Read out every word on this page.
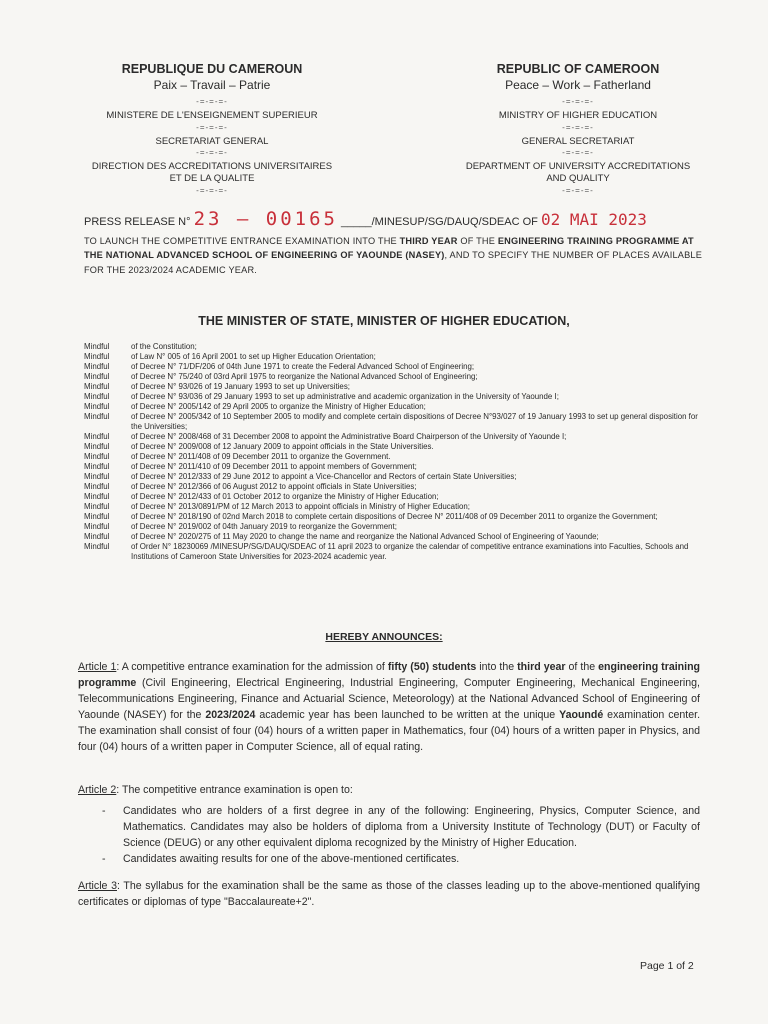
REPUBLIQUE DU CAMEROUN
Paix – Travail – Patrie
-=-=-=-
MINISTERE DE L'ENSEIGNEMENT SUPERIEUR
-=-=-=-
SECRETARIAT GENERAL
-=-=-=-
DIRECTION DES ACCREDITATIONS UNIVERSITAIRES
ET DE LA QUALITE
-=-=-=-
REPUBLIC OF CAMEROON
Peace – Work – Fatherland
-=-=-=-
MINISTRY OF HIGHER EDUCATION
-=-=-=-
GENERAL SECRETARIAT
-=-=-=-
DEPARTMENT OF UNIVERSITY ACCREDITATIONS
AND QUALITY
-=-=-=-
PRESS RELEASE N° 23 – 00165 _____/MINESUP/SG/DAUQ/SDEAC OF 02 MAI 2023
TO LAUNCH THE COMPETITIVE ENTRANCE EXAMINATION INTO THE THIRD YEAR OF THE ENGINEERING TRAINING PROGRAMME AT THE NATIONAL ADVANCED SCHOOL OF ENGINEERING OF YAOUNDE (NASEY), AND TO SPECIFY THE NUMBER OF PLACES AVAILABLE FOR THE 2023/2024 ACADEMIC YEAR.
THE MINISTER OF STATE, MINISTER OF HIGHER EDUCATION,
Mindful	of the Constitution;
Mindful	of Law N° 005 of 16 April 2001 to set up Higher Education Orientation;
Mindful	of Decree N° 71/DF/206 of 04th June 1971 to create the Federal Advanced School of Engineering;
Mindful	of Decree N° 75/240 of 03rd April 1975 to reorganize the National Advanced School of Engineering;
Mindful	of Decree N° 93/026 of 19 January 1993 to set up Universities;
Mindful	of Decree N° 93/036 of 29 January 1993 to set up administrative and academic organization in the University of Yaounde I;
Mindful	of Decree N° 2005/142 of 29 April 2005 to organize the Ministry of Higher Education;
Mindful	of Decree N° 2005/342 of 10 September 2005 to modify and complete certain dispositions of Decree N°93/027 of 19 January 1993 to set up general disposition for the Universities;
Mindful	of Decree N° 2008/468 of 31 December 2008 to appoint the Administrative Board Chairperson of the University of Yaounde I;
Mindful	of Decree N° 2009/008 of 12 January 2009 to appoint officials in the State Universities.
Mindful	of Decree N° 2011/408 of 09 December 2011 to organize the Government.
Mindful	of Decree N° 2011/410 of 09 December 2011 to appoint members of Government;
Mindful	of Decree N° 2012/333 of 29 June 2012 to appoint a Vice-Chancellor and Rectors of certain State Universities;
Mindful	of Decree N° 2012/366 of 06 August 2012 to appoint officials in State Universities;
Mindful	of Decree N° 2012/433 of 01 October 2012 to organize the Ministry of Higher Education;
Mindful	of Decree N° 2013/0891/PM of 12 March 2013 to appoint officials in Ministry of Higher Education;
Mindful	of Decree N° 2018/190 of 02nd March 2018 to complete certain dispositions of Decree N° 2011/408 of 09 December 2011 to organize the Government;
Mindful	of Decree N° 2019/002 of 04th January 2019 to reorganize the Government;
Mindful	of Decree N° 2020/275 of 11 May 2020 to change the name and reorganize the National Advanced School of Engineering of Yaounde;
Mindful	of Order N° 18230069 /MINESUP/SG/DAUQ/SDEAC of 11 april 2023 to organize the calendar of competitive entrance examinations into Faculties, Schools and Institutions of Cameroon State Universities for 2023-2024 academic year.
HEREBY ANNOUNCES:
Article 1: A competitive entrance examination for the admission of fifty (50) students into the third year of the engineering training programme (Civil Engineering, Electrical Engineering, Industrial Engineering, Computer Engineering, Mechanical Engineering, Telecommunications Engineering, Finance and Actuarial Science, Meteorology) at the National Advanced School of Engineering of Yaounde (NASEY) for the 2023/2024 academic year has been launched to be written at the unique Yaoundé examination center. The examination shall consist of four (04) hours of a written paper in Mathematics, four (04) hours of a written paper in Physics, and four (04) hours of a written paper in Computer Science, all of equal rating.
Article 2: The competitive entrance examination is open to:
- Candidates who are holders of a first degree in any of the following: Engineering, Physics, Computer Science, and Mathematics. Candidates may also be holders of diploma from a University Institute of Technology (DUT) or Faculty of Science (DEUG) or any other equivalent diploma recognized by the Ministry of Higher Education.
- Candidates awaiting results for one of the above-mentioned certificates.
Article 3: The syllabus for the examination shall be the same as those of the classes leading up to the above-mentioned qualifying certificates or diplomas of type "Baccalaureate+2".
Page 1 of 2
